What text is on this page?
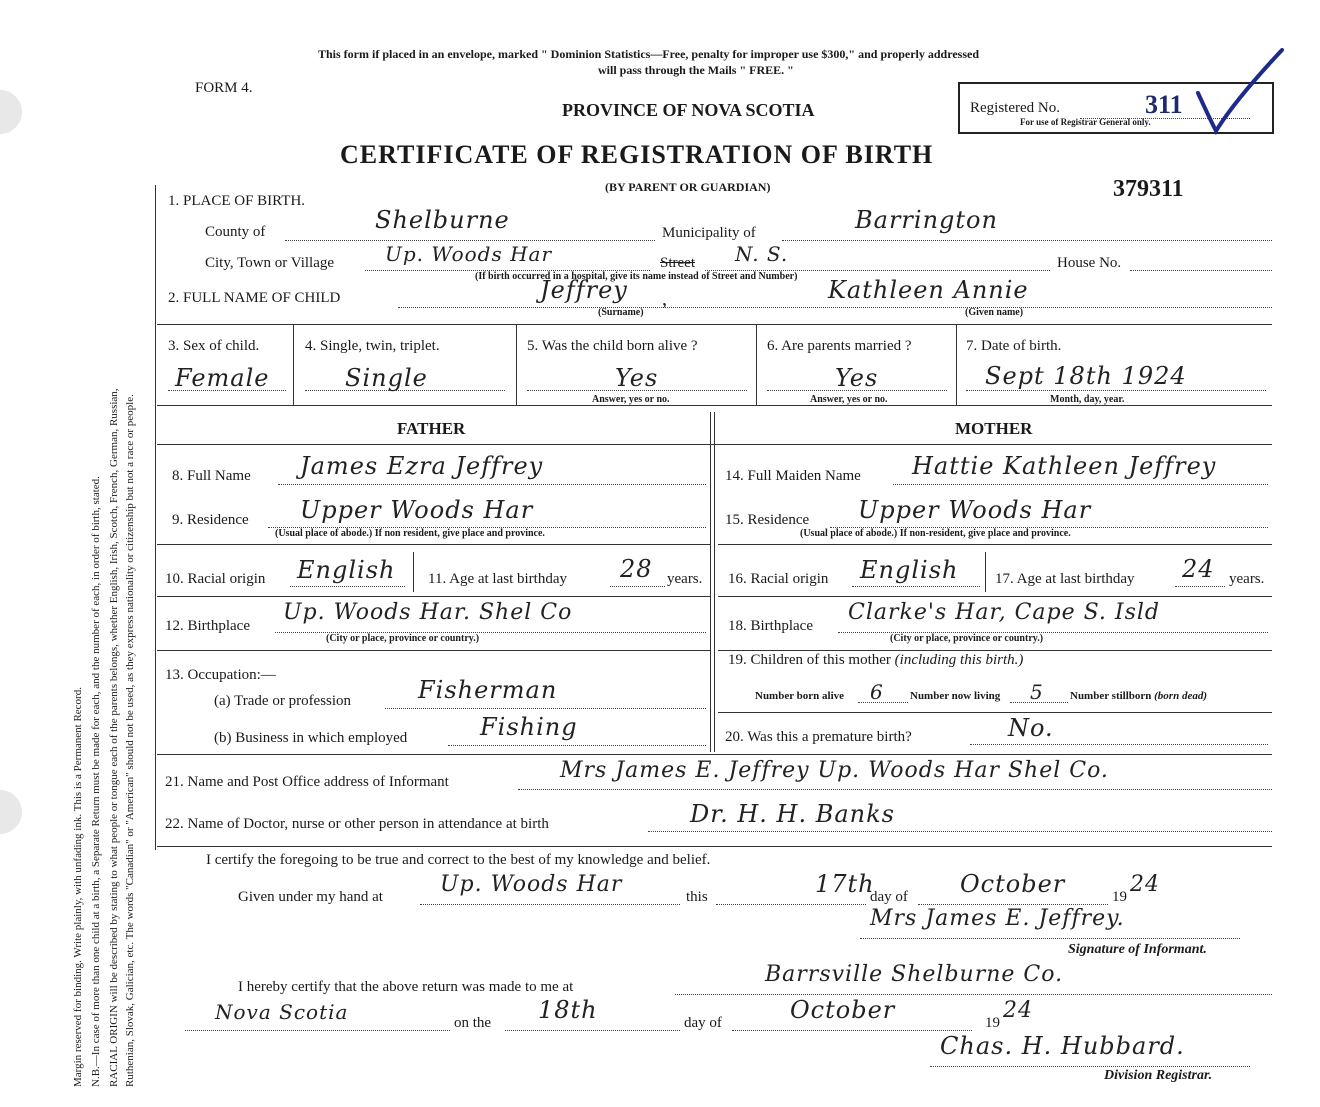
Margin reserved for binding. Write plainly, with unfading ink. This is a Permanent Record. N.B.—In case of more than one child at a birth, a Separate Return must be made for each, and the number of each, in order of birth, stated. RACIAL ORIGIN will be described by stating to what people or tongue each of the parents belongs, whether English, Irish, Scotch, French, German, Russian, Ruthenian, Slovak, Galician, etc. The words "Canadian" or "American" should not be used, as they express nationality or citizenship but not a race or people.
This form if placed in an envelope, marked " Dominion Statistics—Free, penalty for improper use $300," and properly addressed
will pass through the Mails " FREE. "
FORM 4.
PROVINCE OF NOVA SCOTIA
CERTIFICATE OF REGISTRATION OF BIRTH
(BY PARENT OR GUARDIAN)
Registered No.	311
For use of Registrar General only.
379311
1. PLACE OF BIRTH.
County of	Shelburne	Municipality of	Barrington
City, Town or Village	Up. Woods Har	Street N. S.	House No.
(If birth occurred in a hospital, give its name instead of Street and Number)
2. FULL NAME OF CHILD	Jeffrey ,
(Surname)
Kathleen Annie
(Given name)
3. Sex of child.
Female
4. Single, twin, triplet.
Single
5. Was the child born alive ?
Yes
Answer, yes or no.
6. Are parents married ?
Yes
Answer, yes or no.
7. Date of birth.
Sept 18th 1924
Month, day, year.
FATHER	MOTHER
8. Full Name James Ezra Jeffrey
9. Residence Upper Woods Har
(Usual place of abode.) If non resident, give place and province.
10. Racial origin English 11. Age at last birthday 28 years.
12. Birthplace
Up. Woods Har. Shel Co
(City or place, province or country.)
13. Occupation:—
(a) Trade or profession	Fisherman
(b) Business in which employed	Fishing
14. Full Maiden Name Hattie Kathleen Jeffrey
15. Residence Upper Woods Har
(Usual place of abode.) If non-resident, give place and province.
16. Racial origin English 17. Age at last birthday 24 years.
18. Birthplace
Clarke's Har, Cape S. Isld
(City or place, province or country.)
19. Children of this mother (including this birth.)
Number born alive 6 Number now living 5 Number stillborn (born dead)
20. Was this a premature birth?	No.
21. Name and Post Office address of Informant	Mrs James E. Jeffrey Up. Woods Har Shel Co.
22. Name of Doctor, nurse or other person in attendance at birth	Dr. H. H. Banks
I certify the foregoing to be true and correct to the best of my knowledge and belief.
Given under my hand at	Up. Woods Har	this	17th
day of October	19 24
Mrs James E. Jeffrey.
Signature of Informant.
I hereby certify that the above return was made to me at	Barrsville Shelburne Co.
Nova Scotia	on the 18th	day of	October	19 24
Chas. H. Hubbard.
Division Registrar.
